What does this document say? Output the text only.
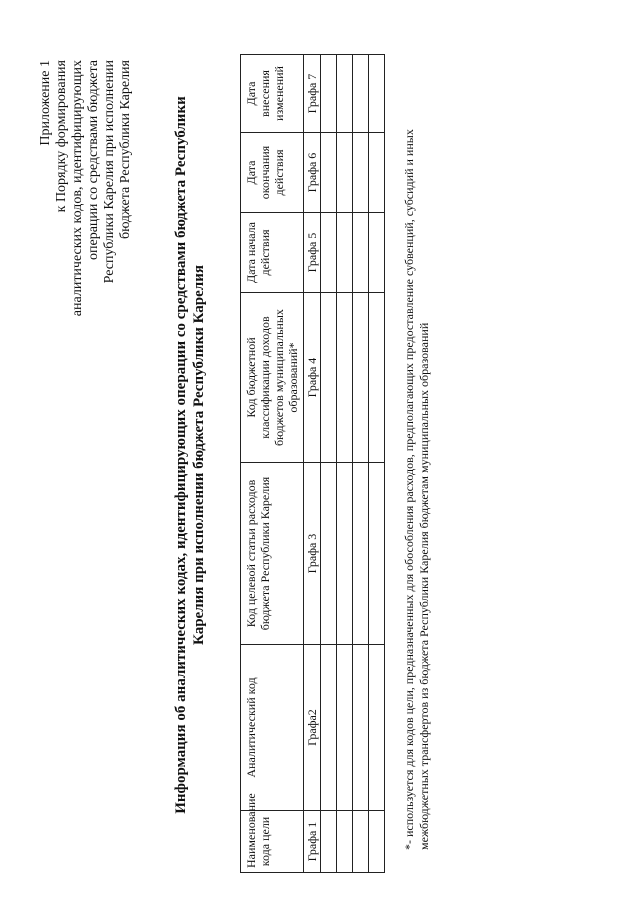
Приложение 1 к Порядку формирования аналитических кодов, идентифицирующих операции со средствами бюджета Республики Карелия при исполнении бюджета Республики Карелия	Информация об аналитических кодах, идентифицирующих операции со средствами бюджета Республики Карелия при исполнении бюджета Республики Карелия
Наименование кода цели	Аналитический код	Код целевой статьи расходов бюджета Республики Карелия	Код бюджетной классификации доходов бюджетов муниципальных образований*	Дата начала действия	Дата окончания действия	Дата внесения изменений
Графа 1	Графа2	Графа 3	Графа 4	Графа 5	Графа 6	Графа 7

*- используется для кодов цели, предназначенных для обособления расходов, предполагающих предоставление субвенций, субсидий и иных межбюджетных трансфертов из бюджета Республики Карелия бюджетам муниципальных образований
